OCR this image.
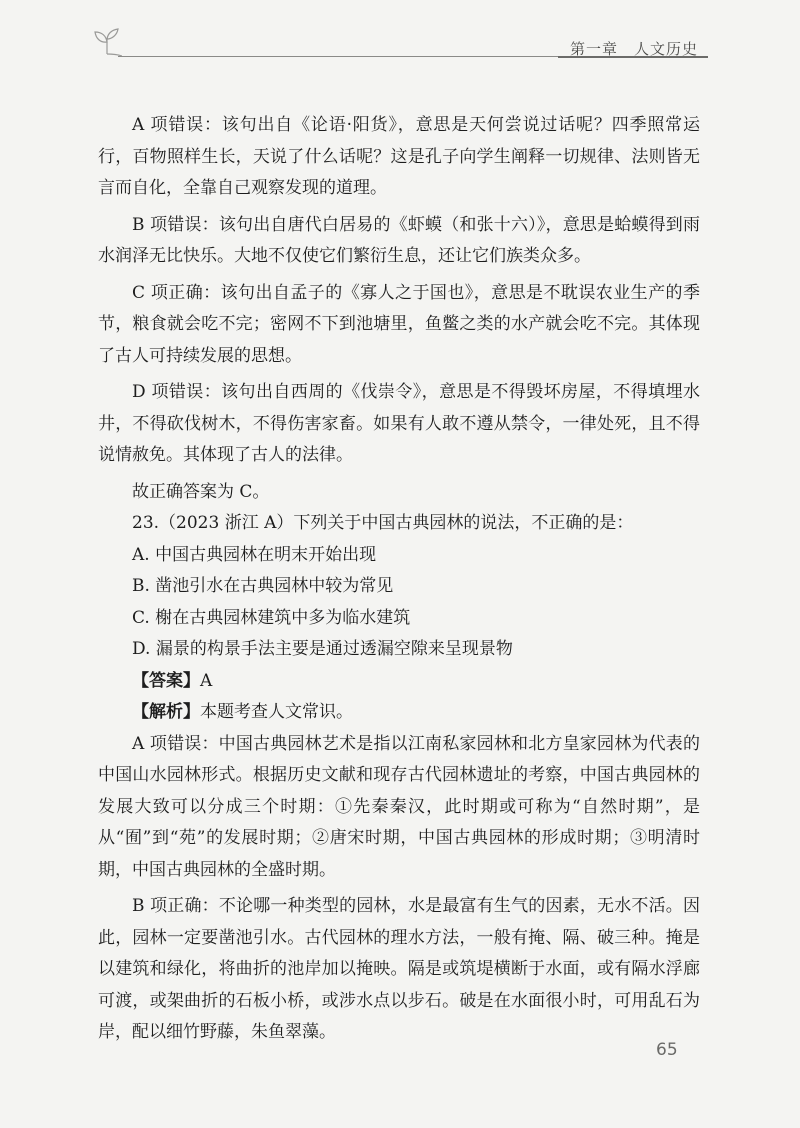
第一章　人文历史

A 项错误：该句出自《论语·阳货》，意思是天何尝说过话呢？四季照常运行，百物照样生长，天说了什么话呢？这是孔子向学生阐释一切规律、法则皆无言而自化，全靠自己观察发现的道理。

B 项错误：该句出自唐代白居易的《虾蟆（和张十六）》，意思是蛤蟆得到雨水润泽无比快乐。大地不仅使它们繁衍生息，还让它们族类众多。

C 项正确：该句出自孟子的《寡人之于国也》，意思是不耽误农业生产的季节，粮食就会吃不完；密网不下到池塘里，鱼鳖之类的水产就会吃不完。其体现了古人可持续发展的思想。

D 项错误：该句出自西周的《伐崇令》，意思是不得毁坏房屋，不得填埋水井，不得砍伐树木，不得伤害家畜。如果有人敢不遵从禁令，一律处死，且不得说情赦免。其体现了古人的法律。

故正确答案为 C。

23.（2023 浙江 A）下列关于中国古典园林的说法，不正确的是：

A. 中国古典园林在明末开始出现

B. 凿池引水在古典园林中较为常见

C. 榭在古典园林建筑中多为临水建筑

D. 漏景的构景手法主要是通过透漏空隙来呈现景物

【答案】A

【解析】本题考查人文常识。

A 项错误：中国古典园林艺术是指以江南私家园林和北方皇家园林为代表的中国山水园林形式。根据历史文献和现存古代园林遗址的考察，中国古典园林的发展大致可以分成三个时期：①先秦秦汉，此时期或可称为“自然时期”，是从“囿”到“苑”的发展时期；②唐宋时期，中国古典园林的形成时期；③明清时期，中国古典园林的全盛时期。

B 项正确：不论哪一种类型的园林，水是最富有生气的因素，无水不活。因此，园林一定要凿池引水。古代园林的理水方法，一般有掩、隔、破三种。掩是以建筑和绿化，将曲折的池岸加以掩映。隔是或筑堤横断于水面，或有隔水浮廊可渡，或架曲折的石板小桥，或涉水点以步石。破是在水面很小时，可用乱石为岸，配以细竹野藤，朱鱼翠藻。

65
